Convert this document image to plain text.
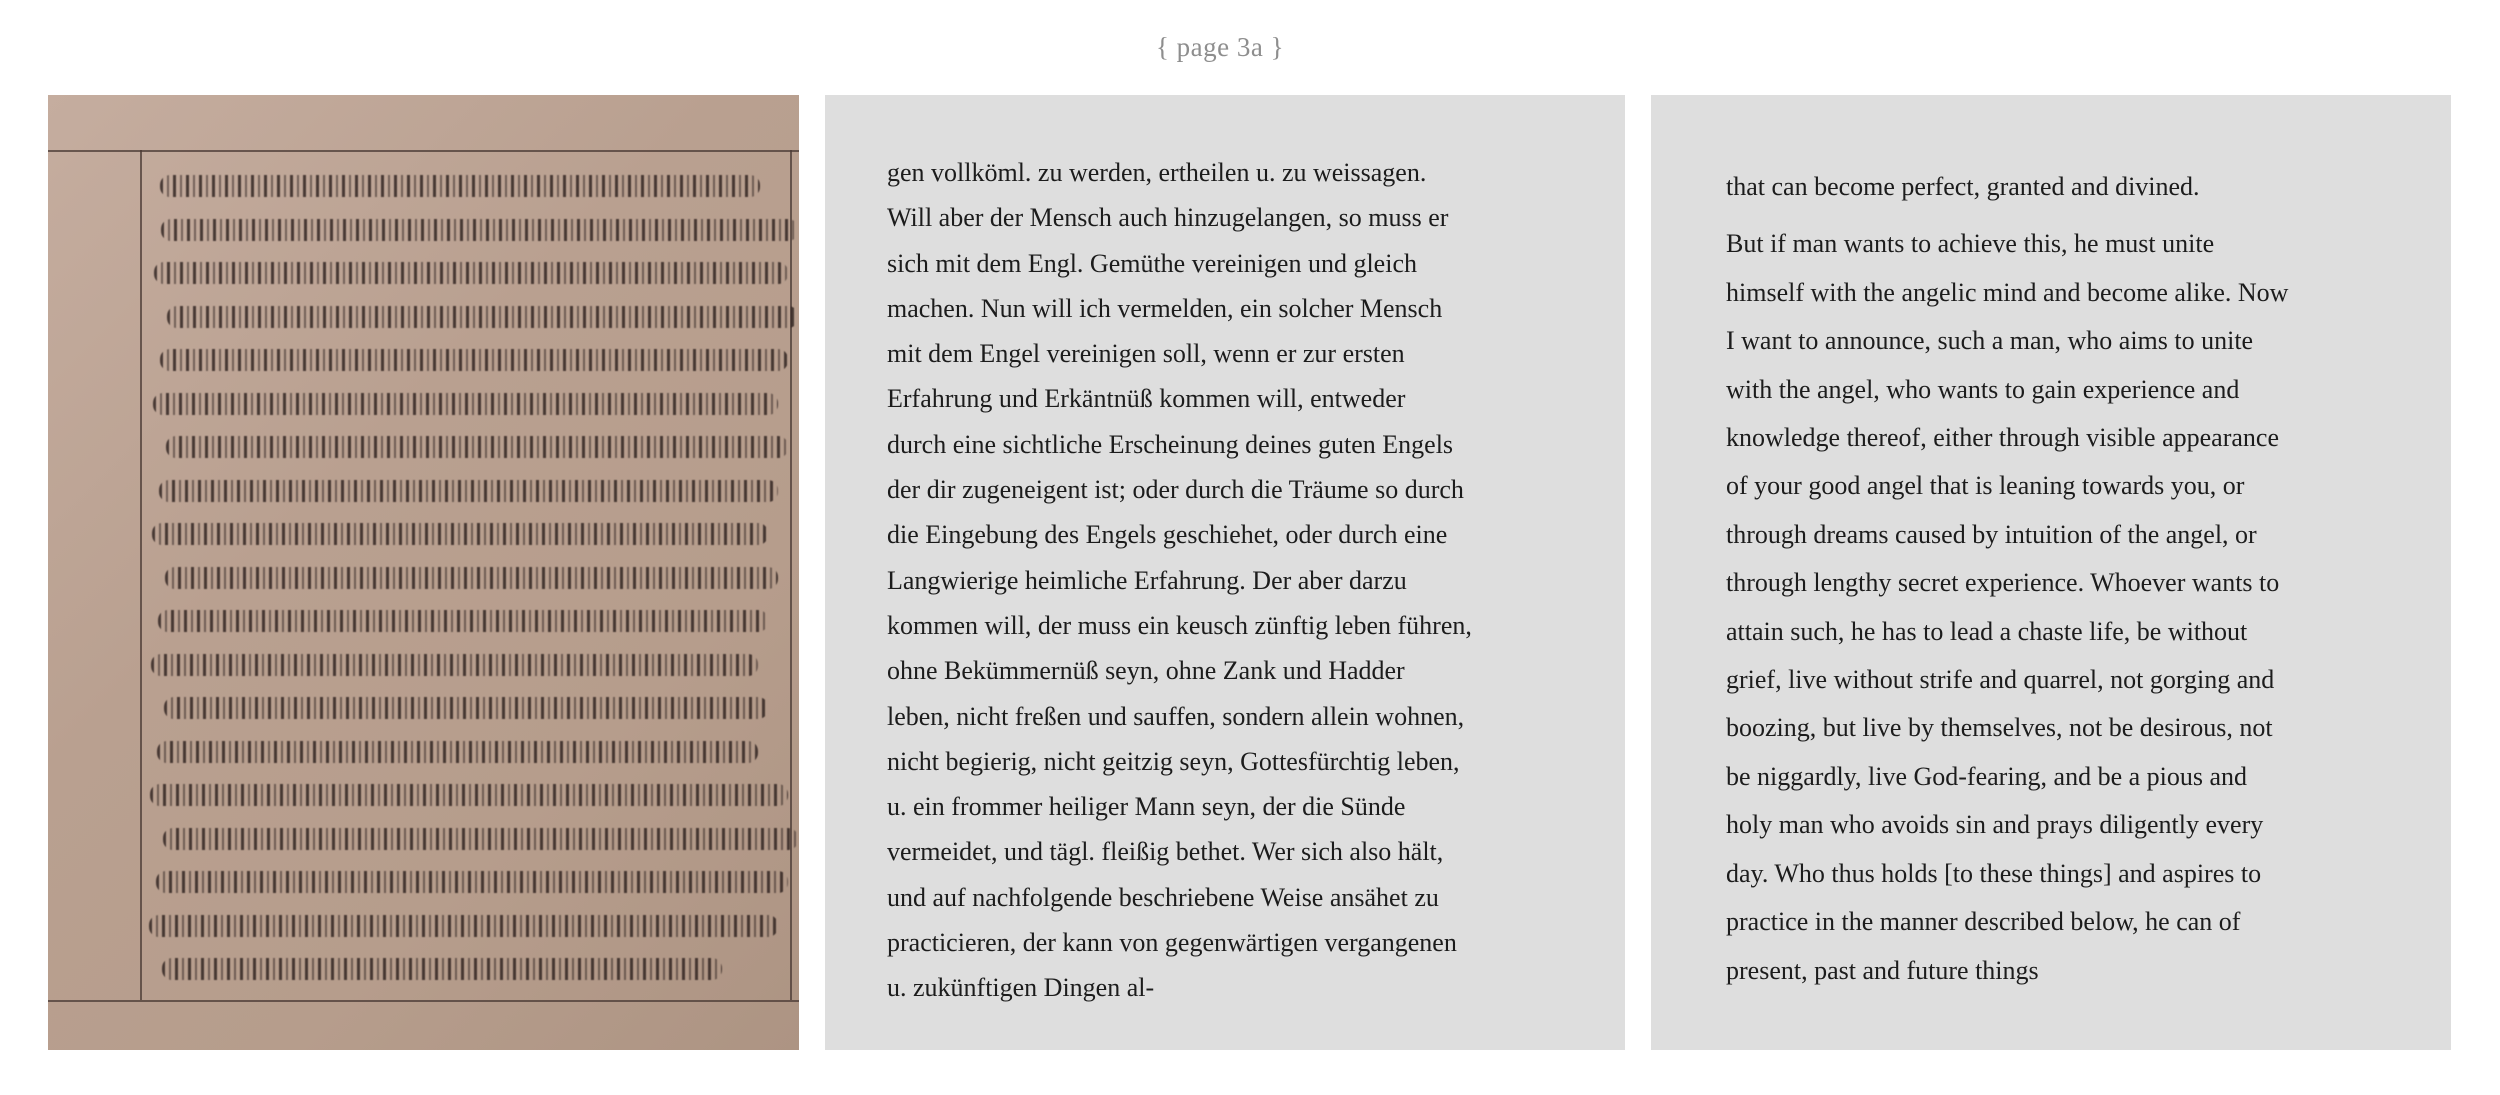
{ page 3a }

gen vollköml. zu werden, ertheilen u. zu weissagen.

Will aber der Mensch auch hinzugelangen, so muss er

sich mit dem Engl. Gemüthe vereinigen und gleich

machen. Nun will ich vermelden, ein solcher Mensch

mit dem Engel vereinigen soll, wenn er zur ersten

Erfahrung und Erkäntnüß kommen will, entweder

durch eine sichtliche Erscheinung deines guten Engels

der dir zugeneigent ist; oder durch die Träume so durch

die Eingebung des Engels geschiehet, oder durch eine

Langwierige heimliche Erfahrung. Der aber darzu

kommen will, der muss ein keusch zünftig leben führen,

ohne Bekümmernüß seyn, ohne Zank und Hadder

leben, nicht freßen und sauffen, sondern allein wohnen,

nicht begierig, nicht geitzig seyn, Gottesfürchtig leben,

u. ein frommer heiliger Mann seyn, der die Sünde

vermeidet, und tägl. fleißig bethet. Wer sich also hält,

und auf nachfolgende beschriebene Weise ansähet zu

practicieren, der kann von gegenwärtigen vergangenen

u. zukünftigen Dingen al-

that can become perfect, granted and divined.

But if man wants to achieve this, he must unite

himself with the angelic mind and become alike. Now

I want to announce, such a man, who aims to unite

with the angel, who wants to gain experience and

knowledge thereof, either through visible appearance

of your good angel that is leaning towards you, or

through dreams caused by intuition of the angel, or

through lengthy secret experience. Whoever wants to

attain such, he has to lead a chaste life, be without

grief, live without strife and quarrel, not gorging and

boozing, but live by themselves, not be desirous, not

be niggardly, live God-fearing, and be a pious and

holy man who avoids sin and prays diligently every

day. Who thus holds [to these things] and aspires to

practice in the manner described below, he can of

present, past and future things
